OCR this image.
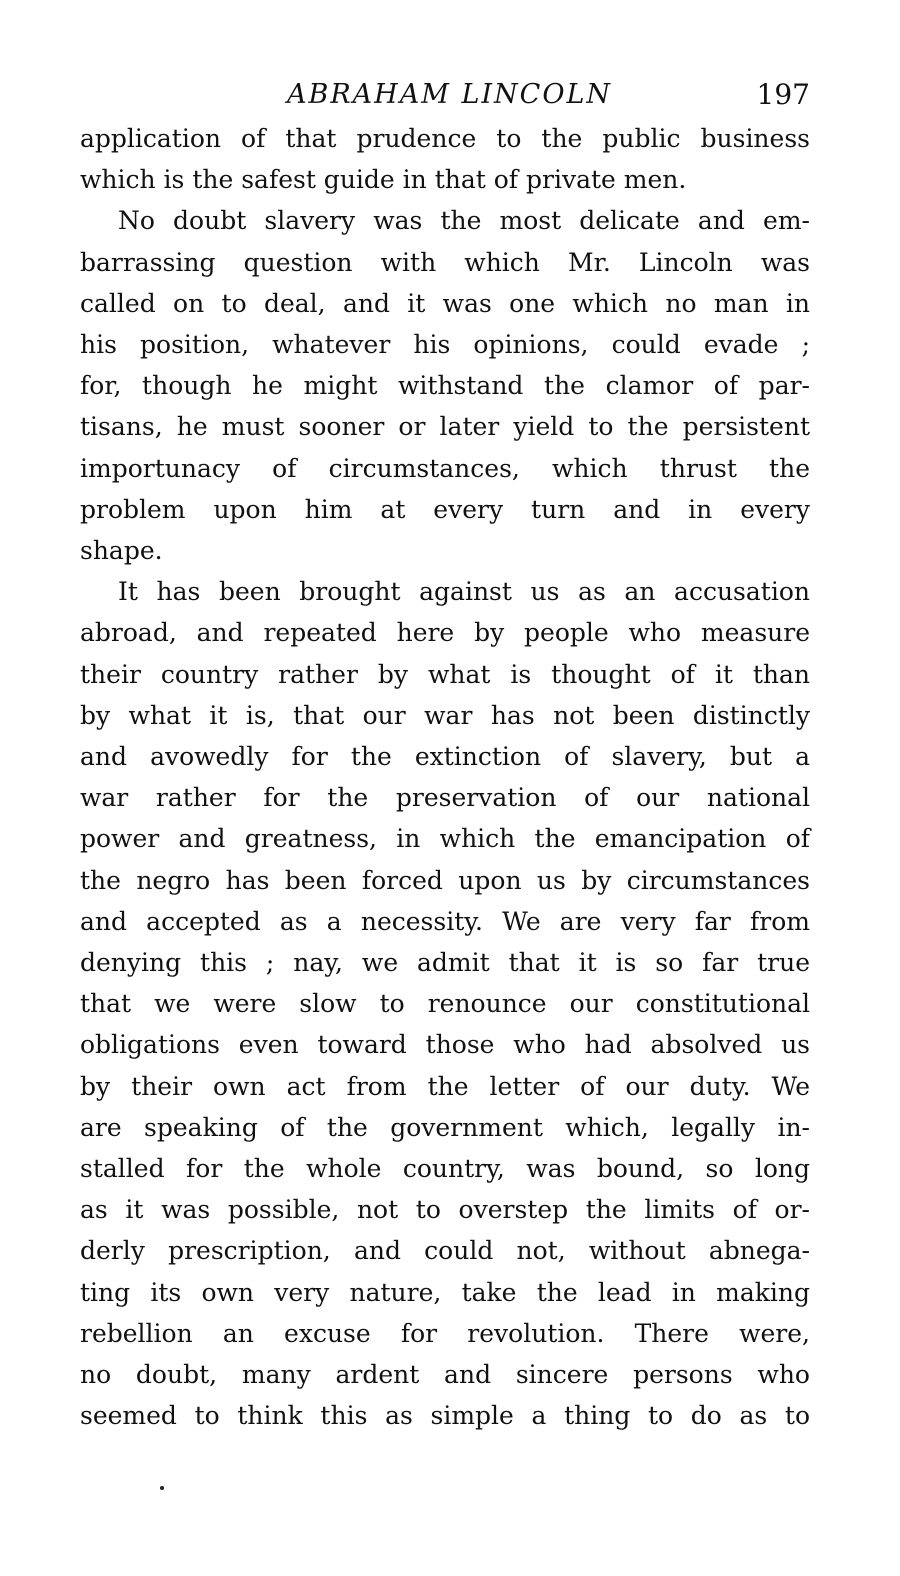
ABRAHAM LINCOLN	197
application of that prudence to the public business
which is the safest guide in that of private men.
No doubt slavery was the most delicate and em-
barrassing question with which Mr. Lincoln was
called on to deal, and it was one which no man in
his position, whatever his opinions, could evade ;
for, though he might withstand the clamor of par-
tisans, he must sooner or later yield to the persistent
importunacy of circumstances, which thrust the
problem upon him at every turn and in every
shape.
It has been brought against us as an accusation
abroad, and repeated here by people who measure
their country rather by what is thought of it than
by what it is, that our war has not been distinctly
and avowedly for the extinction of slavery, but a
war rather for the preservation of our national
power and greatness, in which the emancipation of
the negro has been forced upon us by circumstances
and accepted as a necessity. We are very far from
denying this ; nay, we admit that it is so far true
that we were slow to renounce our constitutional
obligations even toward those who had absolved us
by their own act from the letter of our duty. We
are speaking of the government which, legally in-
stalled for the whole country, was bound, so long
as it was possible, not to overstep the limits of or-
derly prescription, and could not, without abnega-
ting its own very nature, take the lead in making
rebellion an excuse for revolution. There were,
no doubt, many ardent and sincere persons who
seemed to think this as simple a thing to do as to
